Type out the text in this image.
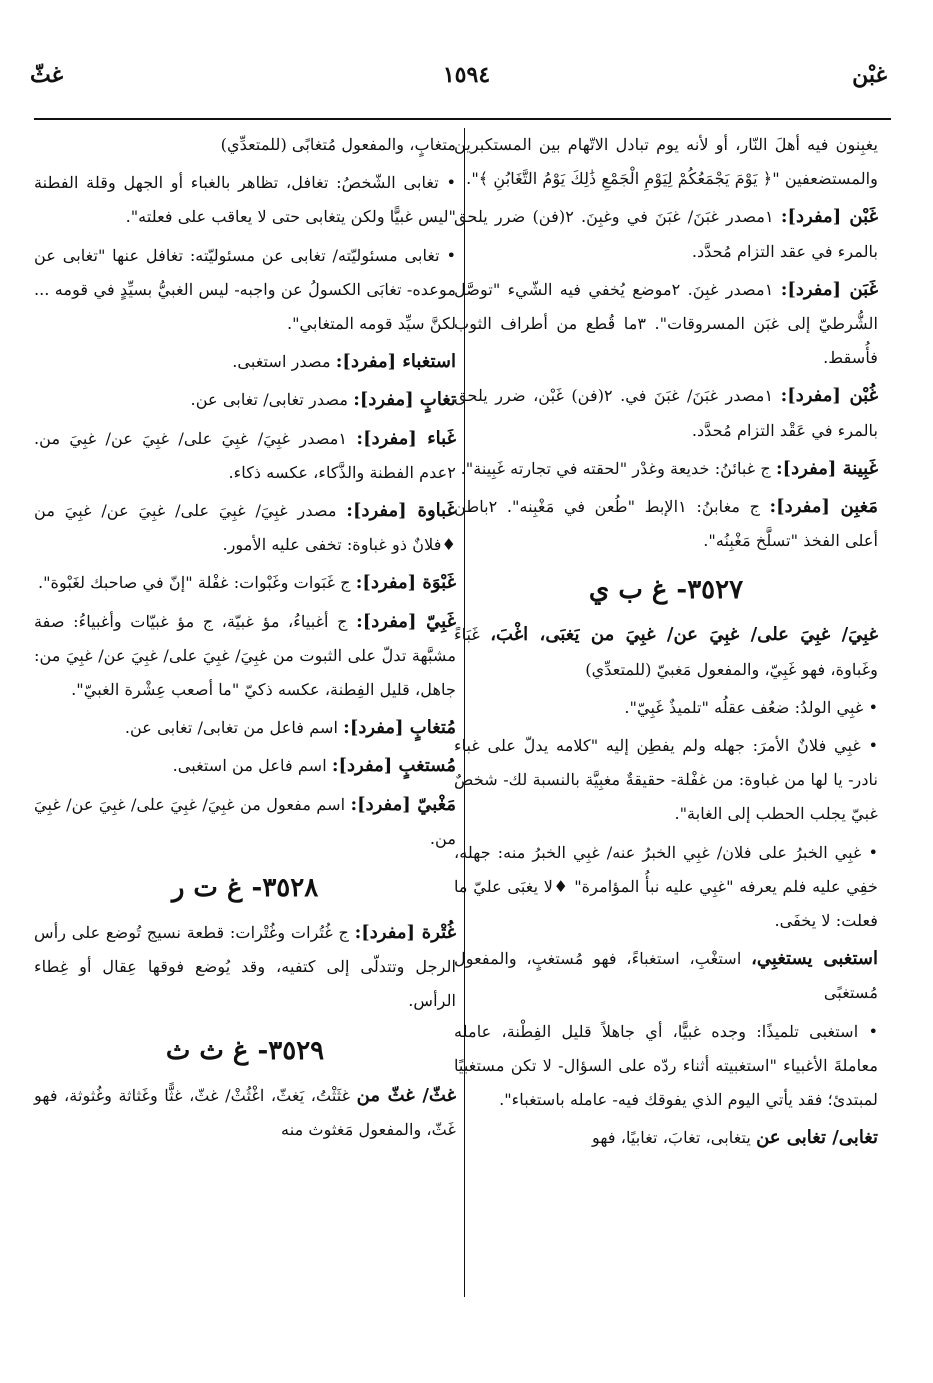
غبْن
١٥٩٤
غثّ

يغبِنون فيه أهلَ النّار، أو لأنه يوم تبادل الاتّهام بين المستكبرين والمستضعفين "﴿ يَوْمَ يَجْمَعُكُمْ لِيَوْمِ الْجَمْعِ ذَٰلِكَ يَوْمُ التَّغَابُنِ ﴾".

غَبْن [مفرد]: ١مصدر غبَنَ/ غبَنَ في وغبِنَ. ٢(فن) ضرر يلحق بالمرء في عقد التزام مُحدَّد.

غَبَن [مفرد]: ١مصدر غبِنَ. ٢موضع يُخفي فيه الشّيء "توصَّل الشُّرطيّ إلى غبَن المسروقات". ٣ما قُطع من أطراف الثوب فأُسقط.

غُبْن [مفرد]: ١مصدر غبَنَ/ غبَنَ في. ٢(فن) غَبْن، ضرر يلحق بالمرء في عَقْد التزام مُحدَّد.

غَبِينة [مفرد]: ج غبائنُ: خديعة وغدْر "لحقته في تجارته غَبِينة".

مَغبِن [مفرد]: ج مغابنُ: ١الإبط "طُعن في مَغْبِنه". ٢باطن أعلى الفخذ "تسلَّخ مَغْبِنُه".

٣٥٢٧- غ ب ي

غبِيَ/ غبِيَ على/ غبِيَ عن/ غبِيَ من يَغبَى، اغْبَ، غَبَاءً وغَباوة، فهو غَبِيّ، والمفعول مَغبيّ (للمتعدِّي)

• غبِي الولدُ: ضعُف عقلُه "تلميذٌ غَبِيّ".

• غبِي فلانٌ الأمرَ: جهله ولم يفطِن إليه "كلامه يدلّ على غباء نادر- يا لها من غباوة: من غفْلة- حقيقةٌ مغبِيَّة بالنسبة لك- شخصٌ غبيّ يجلب الحطب إلى الغابة".

• غبِي الخبرُ على فلان/ غبِي الخبرُ عنه/ غبِي الخبرُ منه: جهله، خفِي عليه فلم يعرفه "غبِي عليه نبأُ المؤامرة" ♦لا يغبَى عليّ ما فعلت: لا يخفَى.

استغبى يستغبِي، استغْبِ، استغباءً، فهو مُستغبٍ، والمفعول مُستغبًى

• استغبى تلميذًا: وجده غبيًّا، أي جاهلاً قليل الفِطْنة، عامله معاملةَ الأغبياء "استغبيته أثناء ردّه على السؤال- لا تكن مستغبيًا لمبتدئ؛ فقد يأتي اليوم الذي يفوقك فيه- عامله باستغباء".

تغابى/ تغابى عن يتغابى، تغابَ، تغابيًا، فهو

متغابٍ، والمفعول مُتغابًى (للمتعدِّي)

• تغابى الشّخصُ: تغافل، تظاهر بالغباء أو الجهل وقلة الفطنة "ليس غبيًّا ولكن يتغابى حتى لا يعاقب على فعلته".

• تغابى مسئوليّته/ تغابى عن مسئوليّته: تغافل عنها "تغابى عن موعده- تغابَى الكسولُ عن واجبه- ليس الغبيُّ بسيِّدٍ في قومه ... لكنَّ سيِّد قومه المتغابي".

استغباء [مفرد]: مصدر استغبى.

تغابٍ [مفرد]: مصدر تغابى/ تغابى عن.

غَباء [مفرد]: ١مصدر غبِيَ/ غبِيَ على/ غبِيَ عن/ غبِيَ من. ٢عدم الفطنة والذَّكاء، عكسه ذكاء.

غَباوة [مفرد]: مصدر غبِيَ/ غبِيَ على/ غبِيَ عن/ غبِيَ من ♦فلانٌ ذو غباوة: تخفى عليه الأمور.

غَبْوَة [مفرد]: ج غَبَوات وغَبْوات: غفْلة "إنّ في صاحبك لغَبْوة".

غَبِيّ [مفرد]: ج أغبياءُ، مؤ غبيّة، ج مؤ غبيّات وأغبياءُ: صفة مشبَّهة تدلّ على الثبوت من غبِيَ/ غبِيَ على/ غبِيَ عن/ غبِيَ من: جاهل، قليل الفِطنة، عكسه ذكيّ "ما أصعب عِشْرة الغبيّ".

مُتغابٍ [مفرد]: اسم فاعل من تغابى/ تغابى عن.

مُستغبٍ [مفرد]: اسم فاعل من استغبى.

مَغْبيّ [مفرد]: اسم مفعول من غبِيَ/ غبِيَ على/ غبِيَ عن/ غبِيَ من.

٣٥٢٨- غ ت ر

غُتْرة [مفرد]: ج غُتُرات وغُتْرات: قطعة نسيج تُوضع على رأس الرجل وتتدلّى إلى كتفيه، وقد يُوضع فوقها عِقال أو غِطاء الرأس.

٣٥٢٩- غ ث ث

غثّ/ غثّ من غثَثْتُ، يَغثّ، اغْثُثْ/ غثّ، غثًّا وغَثاثة وغُثوثة، فهو غَثّ، والمفعول مَغثوث منه
